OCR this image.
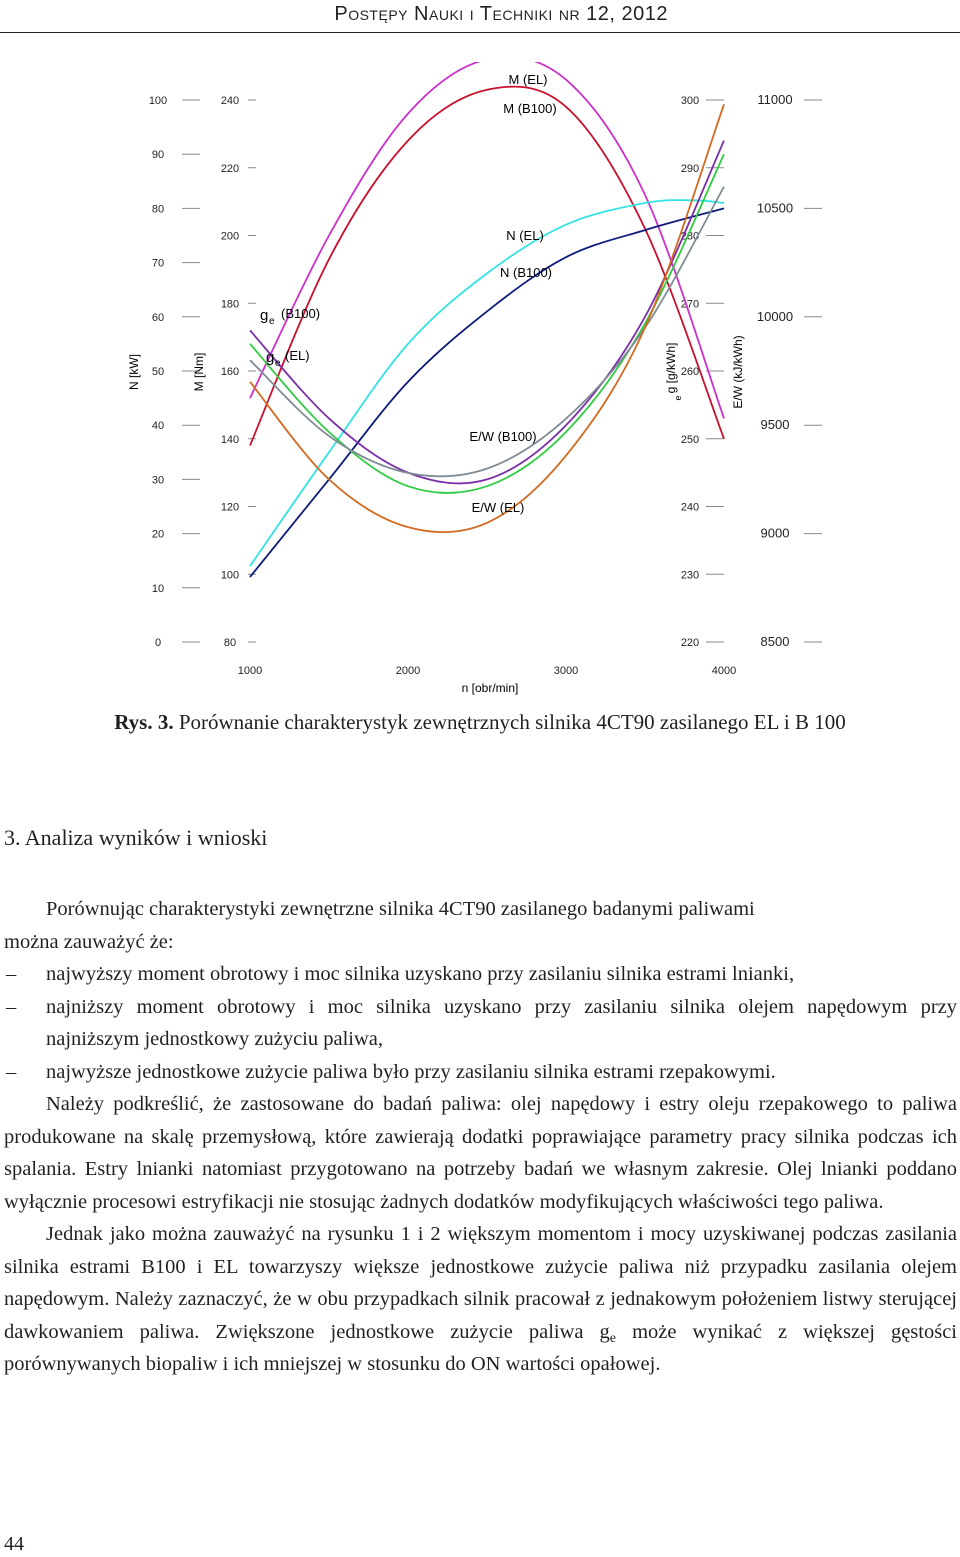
Postępy Nauki i Techniki nr 12, 2012
100
90
80
70
60
50
40
30
20
10
0
240
220
200
180
160
140
120
100
80
300
290
280
270
260
250
240
230
220
11000
10500
10000
9500
9000
8500
1000	2000	3000	4000
N [kW]	M [Nm]	g [g/kWh]
e	E/W (kJ/kWh)
n [obr/min]
M (EL)
M (B100)
N (EL)
N (B100)
g e
(B100)
g e
(EL)
E/W (B100)
E/W (EL)
Rys. 3. Porównanie charakterystyk zewnętrznych silnika 4CT90 zasilanego EL i B 100
3. Analiza wyników i wnioski

Porównując charakterystyki zewnętrzne silnika 4CT90 zasilanego badanymi paliwami

można zauważyć że:

– najwyższy moment obrotowy i moc silnika uzyskano przy zasilaniu silnika estrami lnianki,

– najniższy moment obrotowy i moc silnika uzyskano przy zasilaniu silnika olejem napędowym przy najniższym jednostkowy zużyciu paliwa,

– najwyższe jednostkowe zużycie paliwa było przy zasilaniu silnika estrami rzepakowymi.

Należy podkreślić, że zastosowane do badań paliwa: olej napędowy i estry oleju rzepakowego to paliwa produkowane na skalę przemysłową, które zawierają dodatki poprawiające parametry pracy silnika podczas ich spalania. Estry lnianki natomiast przygotowano na potrzeby badań we własnym zakresie. Olej lnianki poddano wyłącznie procesowi estryfikacji nie stosując żadnych dodatków modyfikujących właściwości tego paliwa.

Jednak jako można zauważyć na rysunku 1 i 2 większym momentom i mocy uzyskiwanej podczas zasilania silnika estrami B100 i EL towarzyszy większe jednostkowe zużycie paliwa niż przypadku zasilania olejem napędowym. Należy zaznaczyć, że w obu przypadkach silnik pracował z jednakowym położeniem listwy sterującej dawkowaniem paliwa. Zwiększone jednostkowe zużycie paliwa $g_e$ może wynikać z większej gęstości porównywanych biopaliw i ich mniejszej w stosunku do ON wartości opałowej.

44
